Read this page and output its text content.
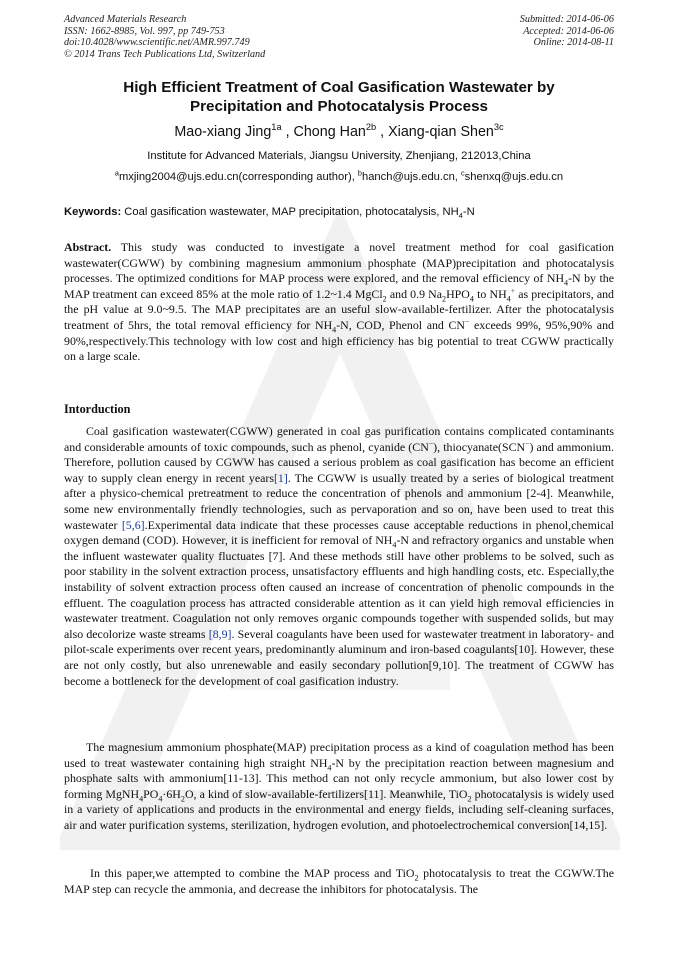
Advanced Materials Research
ISSN: 1662-8985, Vol. 997, pp 749-753
doi:10.4028/www.scientific.net/AMR.997.749
© 2014 Trans Tech Publications Ltd, Switzerland
Submitted: 2014-06-06
Accepted: 2014-06-06
Online: 2014-08-11
High Efficient Treatment of Coal Gasification Wastewater by
Precipitation and Photocatalysis Process
Mao-xiang Jing$^{1a}$ , Chong Han$^{2b}$ , Xiang-qian Shen$^{3c}$
Institute for Advanced Materials, Jiangsu University, Zhenjiang, 212013,China
$^a$mxjing2004@ujs.edu.cn(corresponding author), $^b$hanch@ujs.edu.cn, $^c$shenxq@ujs.edu.cn
Keywords: Coal gasification wastewater, MAP precipitation, photocatalysis, $NH_4-N$
Abstract. This study was conducted to investigate a novel treatment method for coal gasification wastewater(CGWW) by combining magnesium ammonium phosphate (MAP)precipitation and photocatalysis processes. The optimized conditions for MAP process were explored, and the removal efficiency of $NH_4-N$ by the MAP treatment can exceed 85% at the mole ratio of 1.2~1.4 MgCl$_2$ and 0.9 $Na_2HPO_4$ to $NH_4^+$ as precipitators, and the pH value at 9.0~9.5. The MAP precipitates are an useful slow-available-fertilizer. After the photocatalysis treatment of 5hrs, the total removal efficiency for $NH_4-N$, COD, Phenol and CN− exceeds 99%, 95%,90% and 90%,respectively.This technology with low cost and high efficiency has big potential to treat CGWW practically on a large scale.
Intorduction
Coal gasification wastewater(CGWW) generated in coal gas purification contains complicated contaminants and considerable amounts of toxic compounds, such as phenol, cyanide (CN−), thiocyanate(SCN−) and ammonium. Therefore, pollution caused by CGWW has caused a serious problem as coal gasification has become an efficient way to supply clean energy in recent years[1]. The CGWW is usually treated by a series of biological treatment after a physico-chemical pretreatment to reduce the concentration of phenols and ammonium [2-4]. Meanwhile, some new environmentally friendly technologies, such as pervaporation and so on, have been used to treat this wastewater [5,6].Experimental data indicate that these processes cause acceptable reductions in phenol,chemical oxygen demand (COD). However, it is inefficient for removal of $NH_4-N$ and refractory organics and unstable when the influent wastewater quality fluctuates [7]. And these methods still have other problems to be solved, such as poor stability in the solvent extraction process, unsatisfactory effluents and high handling costs, etc. Especially,the instability of solvent extraction process often caused an increase of concentration of phenolic compounds in the effluent. The coagulation process has attracted considerable attention as it can yield high removal efficiencies in wastewater treatment. Coagulation not only removes organic compounds together with suspended solids, but may also decolorize waste streams [8,9]. Several coagulants have been used for wastewater treatment in laboratory- and pilot-scale experiments over recent years, predominantly aluminum and iron-based coagulants[10]. However, these are not only costly, but also unrenewable and easily secondary pollution[9,10]. The treatment of CGWW has become a bottleneck for the development of coal gasification industry.
The magnesium ammonium phosphate(MAP) precipitation process as a kind of coagulation method has been used to treat wastewater containing high straight $NH_4-N$ by the precipitation reaction between magnesium and phosphate salts with ammonium[11-13]. This method can not only recycle ammonium, but also lower cost by forming $MgNH_4PO_4\cdot 6H_2O$, a kind of slow-available-fertilizers[11]. Meanwhile, TiO$_2$ photocatalysis is widely used in a variety of applications and products in the environmental and energy fields, including self-cleaning surfaces, air and water purification systems, sterilization, hydrogen evolution, and photoelectrochemical conversion[14,15].
In this paper,we attempted to combine the MAP process and TiO$_2$ photocatalysis to treat the CGWW.The MAP step can recycle the ammonia, and decrease the inhibitors for photocatalysis. The
